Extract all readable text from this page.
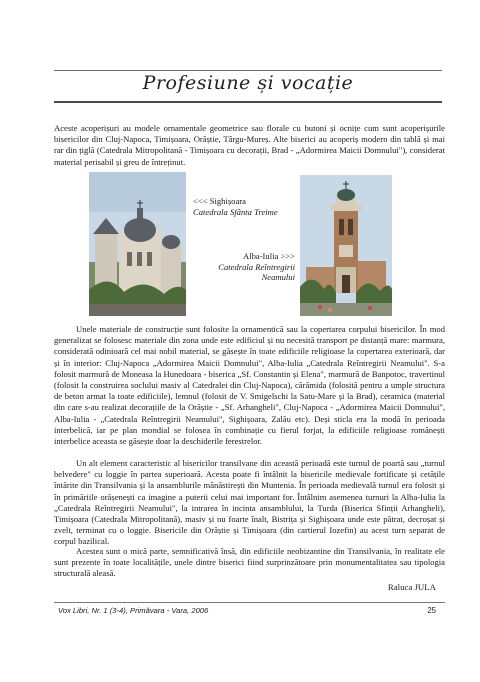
Profesiune și vocație

Aceste acoperișuri au modele ornamentale geometrice sau florale cu butoni și ocnițe cum sunt acoperișurile bisericilor din Cluj-Napoca, Timișoara, Orăștie, Târgu-Mureș. Alte biserici au acoperiș modern din tablă și mai rar din țiglă (Catedrala Mitropolitană - Timișoara cu decorații, Brad - „Adormirea Maicii Domnului"), considerat material perisabil și greu de întreținut.

<<< Sighișoara
Catedrala Sfânta Treime
Alba-Iulia >>>
Catedrala Reîntregirii
Neamului

Unele materiale de construcție sunt folosite la ornamentică sau la copertarea corpului bisericilor. În mod generalizat se folosesc materiale din zona unde este edificiul și nu necesită transport pe distanță mare: marmura, considerată odinioară cel mai nobil material, se găsește în toate edificiile religioase la copertarea exterioară, dar și în interior: Cluj-Napoca „Adormirea Maicii Domnului", Alba-Iulia „Catedrala Reîntregirii Neamului". S-a folosit marmură de Moneasa la Hunedoara - biserica „Sf. Constantin și Elena", marmură de Banpotoc, travertinul (folosit la construirea soclului masiv al Catedralei din Cluj-Napoca), cărămida (folosită pentru a umple structura de beton armat la toate edificiile), lemnul (folosit de V. Smigelschi la Satu-Mare și la Brad), ceramica (material din care s-au realizat decorațiile de la Orăștie - „Sf. Arhangheli", Cluj-Napoca - „Adormirea Maicii Domnului", Alba-Iulia - „Catedrala Reîntregirii Neamului", Sighișoara, Zalău etc). Deși sticla era la modă în perioada interbelică, iar pe plan mondial se folosea în combinație cu fierul forjat, la edificiile religioase românești interbelice aceasta se găsește doar la deschiderile ferestrelor.

Un alt element caracteristic al bisericilor transilvane din această perioadă este turnul de poartă sau „turnul belvedere" cu loggie în partea superioară. Acesta poate fi întâlnit la bisericile medievale fortificate și cetățile întărite din Transilvania și la ansamblurile mănăstirești din Muntenia. În perioada medievală turnul era folosit și în primăriile orășenești ca imagine a puterii celui mai important for. Întâlnim asemenea turnuri la Alba-Iulia la „Catedrala Reîntregirii Neamului", la intrarea în incinta ansamblului, la Turda (Biserica Sfinții Arhangheli), Timișoara (Catedrala Mitropolitană), masiv și nu foarte înalt, Bistrița și Sighișoara unde este pătrat, decroșat și zvelt, terminat cu o loggie. Bisericile din Orăștie și Timișoara (din cartierul Iozefin) au acest turn separat de corpul bazilical.

Acestea sunt o mică parte, semnificativă însă, din edificiile neobizantine din Transilvania, în realitate ele sunt prezente în toate localitățile, unele dintre biserici fiind surprinzătoare prin monumentalitatea sau tipologia structurală aleasă.

Raluca JULA
Vox Libri, Nr. 1 (3-4), Primăvara - Vara, 2006	25
